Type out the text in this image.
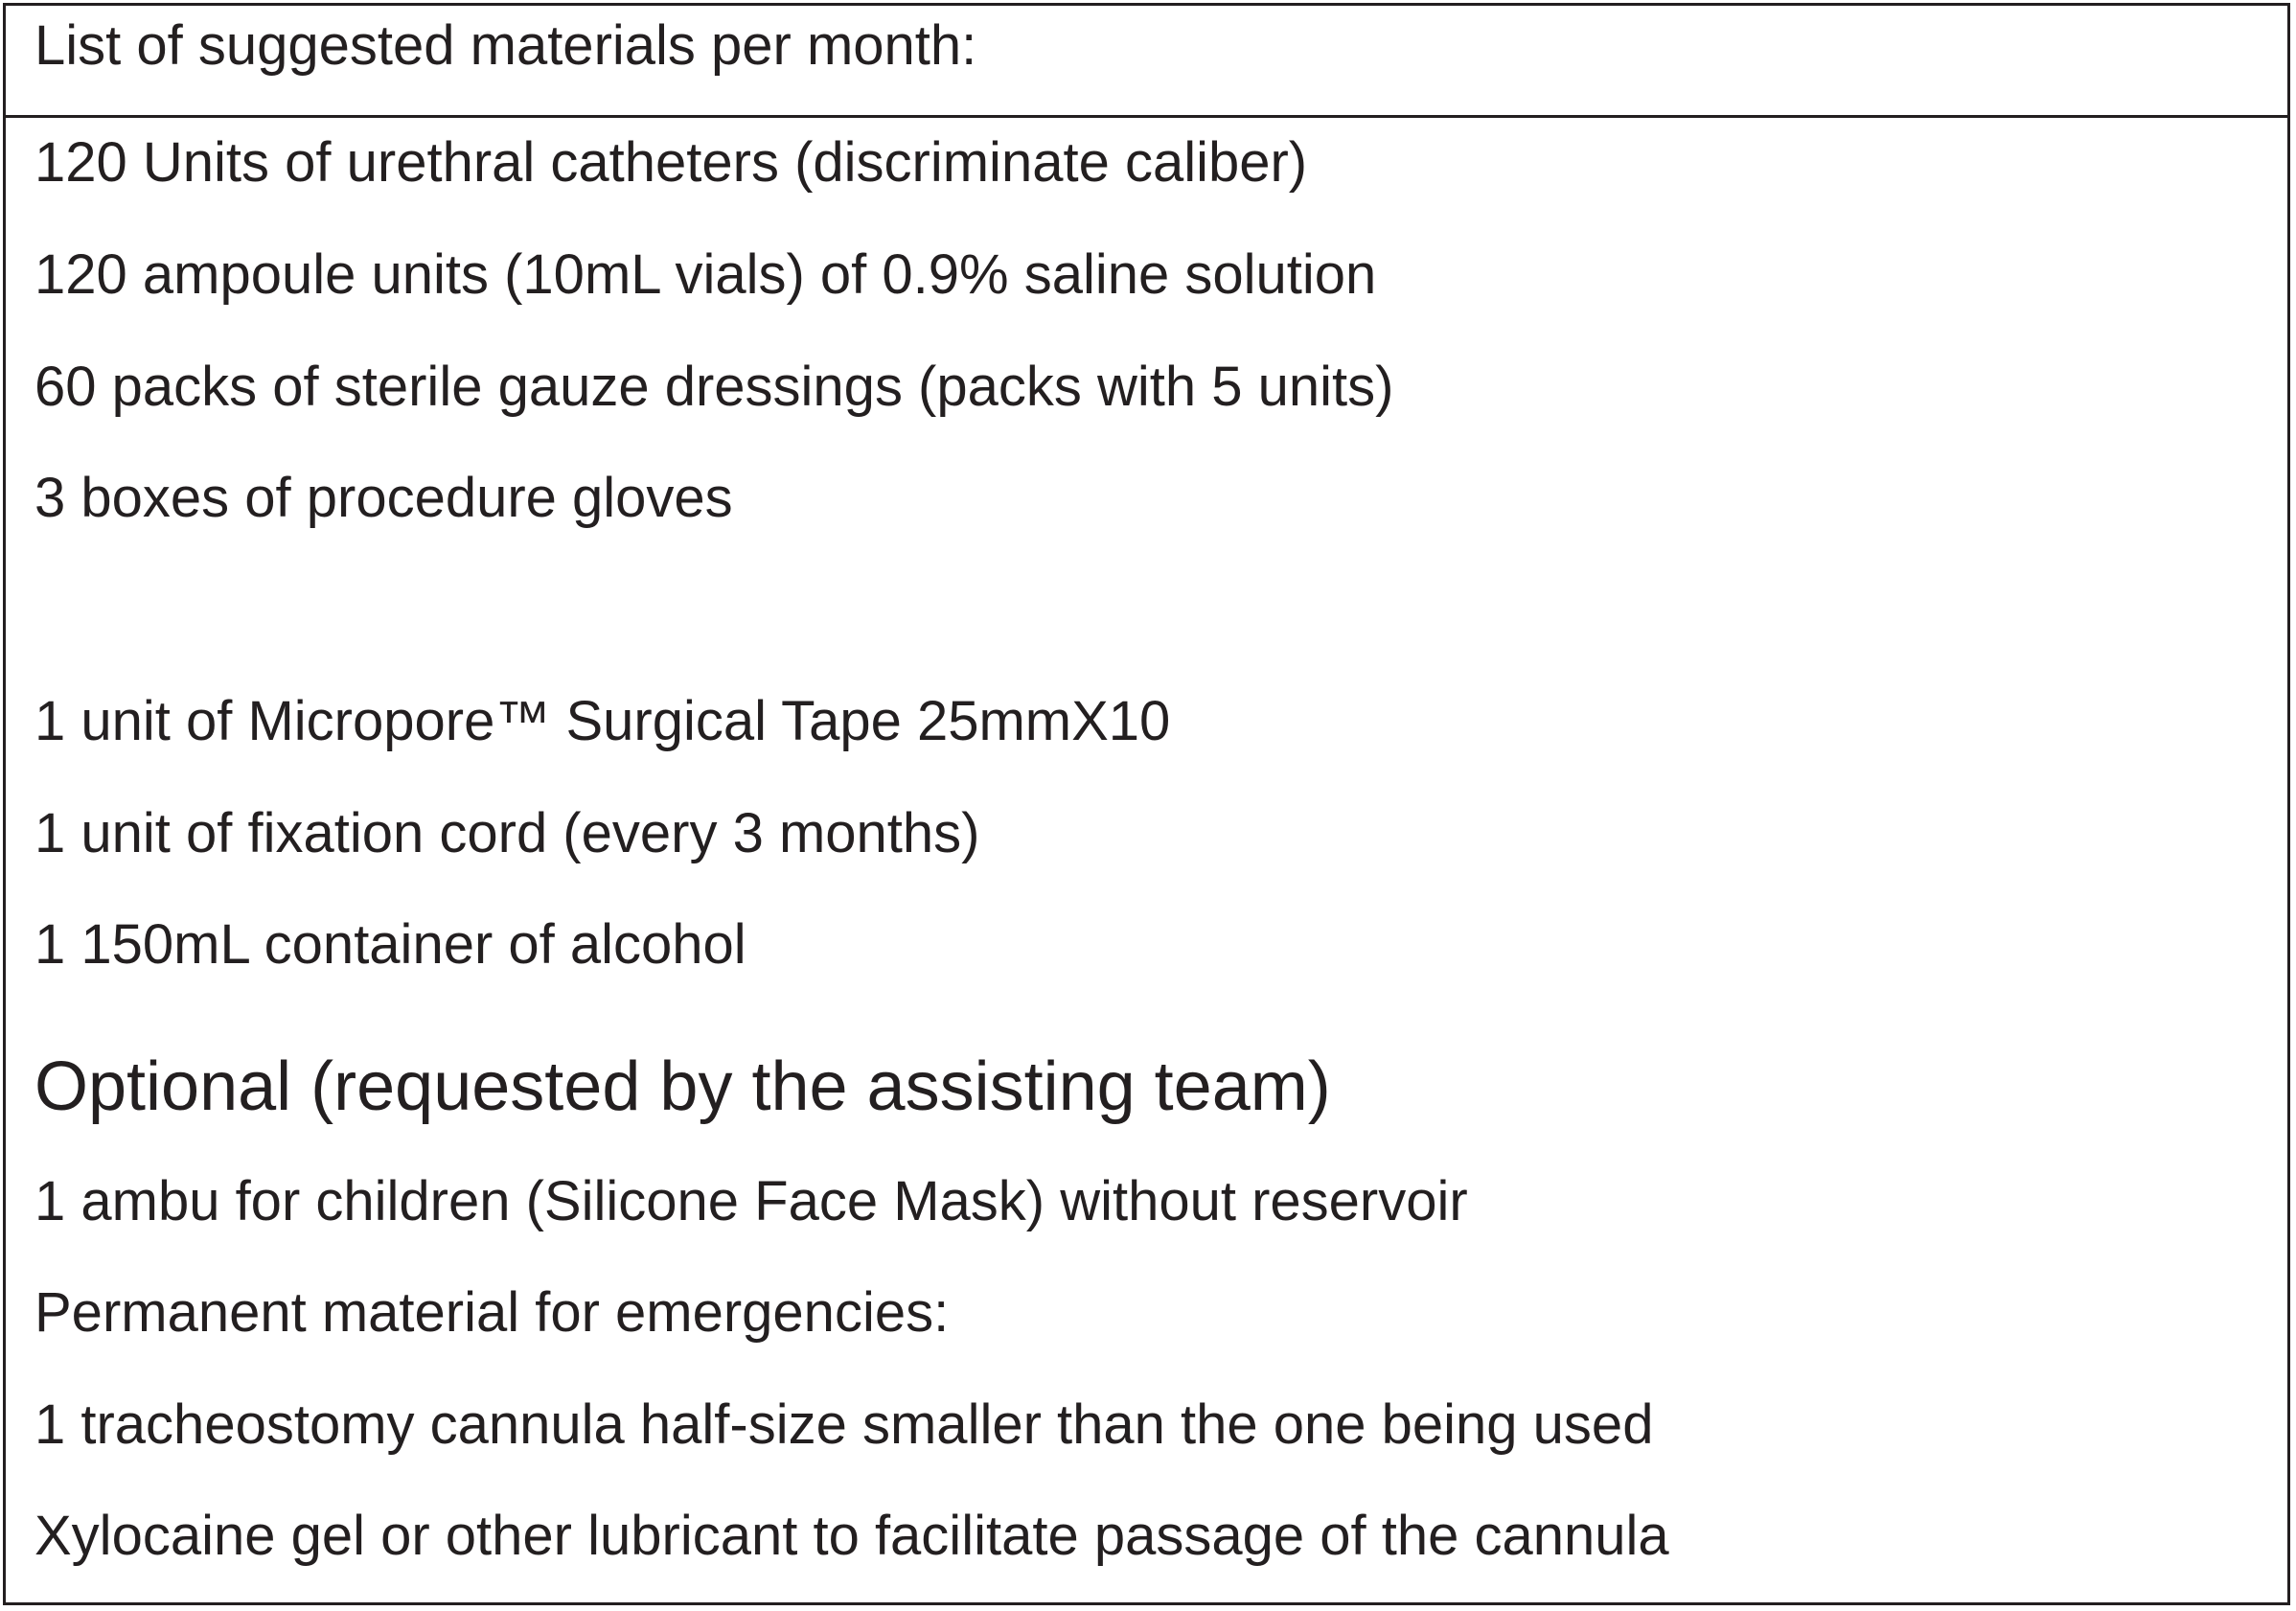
List of suggested materials per month:
120 Units of urethral catheters (discriminate caliber)
120 ampoule units (10mL vials) of 0.9% saline solution
60 packs of sterile gauze dressings (packs with 5 units)
3 boxes of procedure gloves
1 unit of Micropore™ Surgical Tape 25mmX10
1 unit of fixation cord (every 3 months)
1 150mL container of alcohol
Optional (requested by the assisting team)
1 ambu for children (Silicone Face Mask) without reservoir
Permanent material for emergencies:
1 tracheostomy cannula half-size smaller than the one being used
Xylocaine gel or other lubricant to facilitate passage of the cannula
